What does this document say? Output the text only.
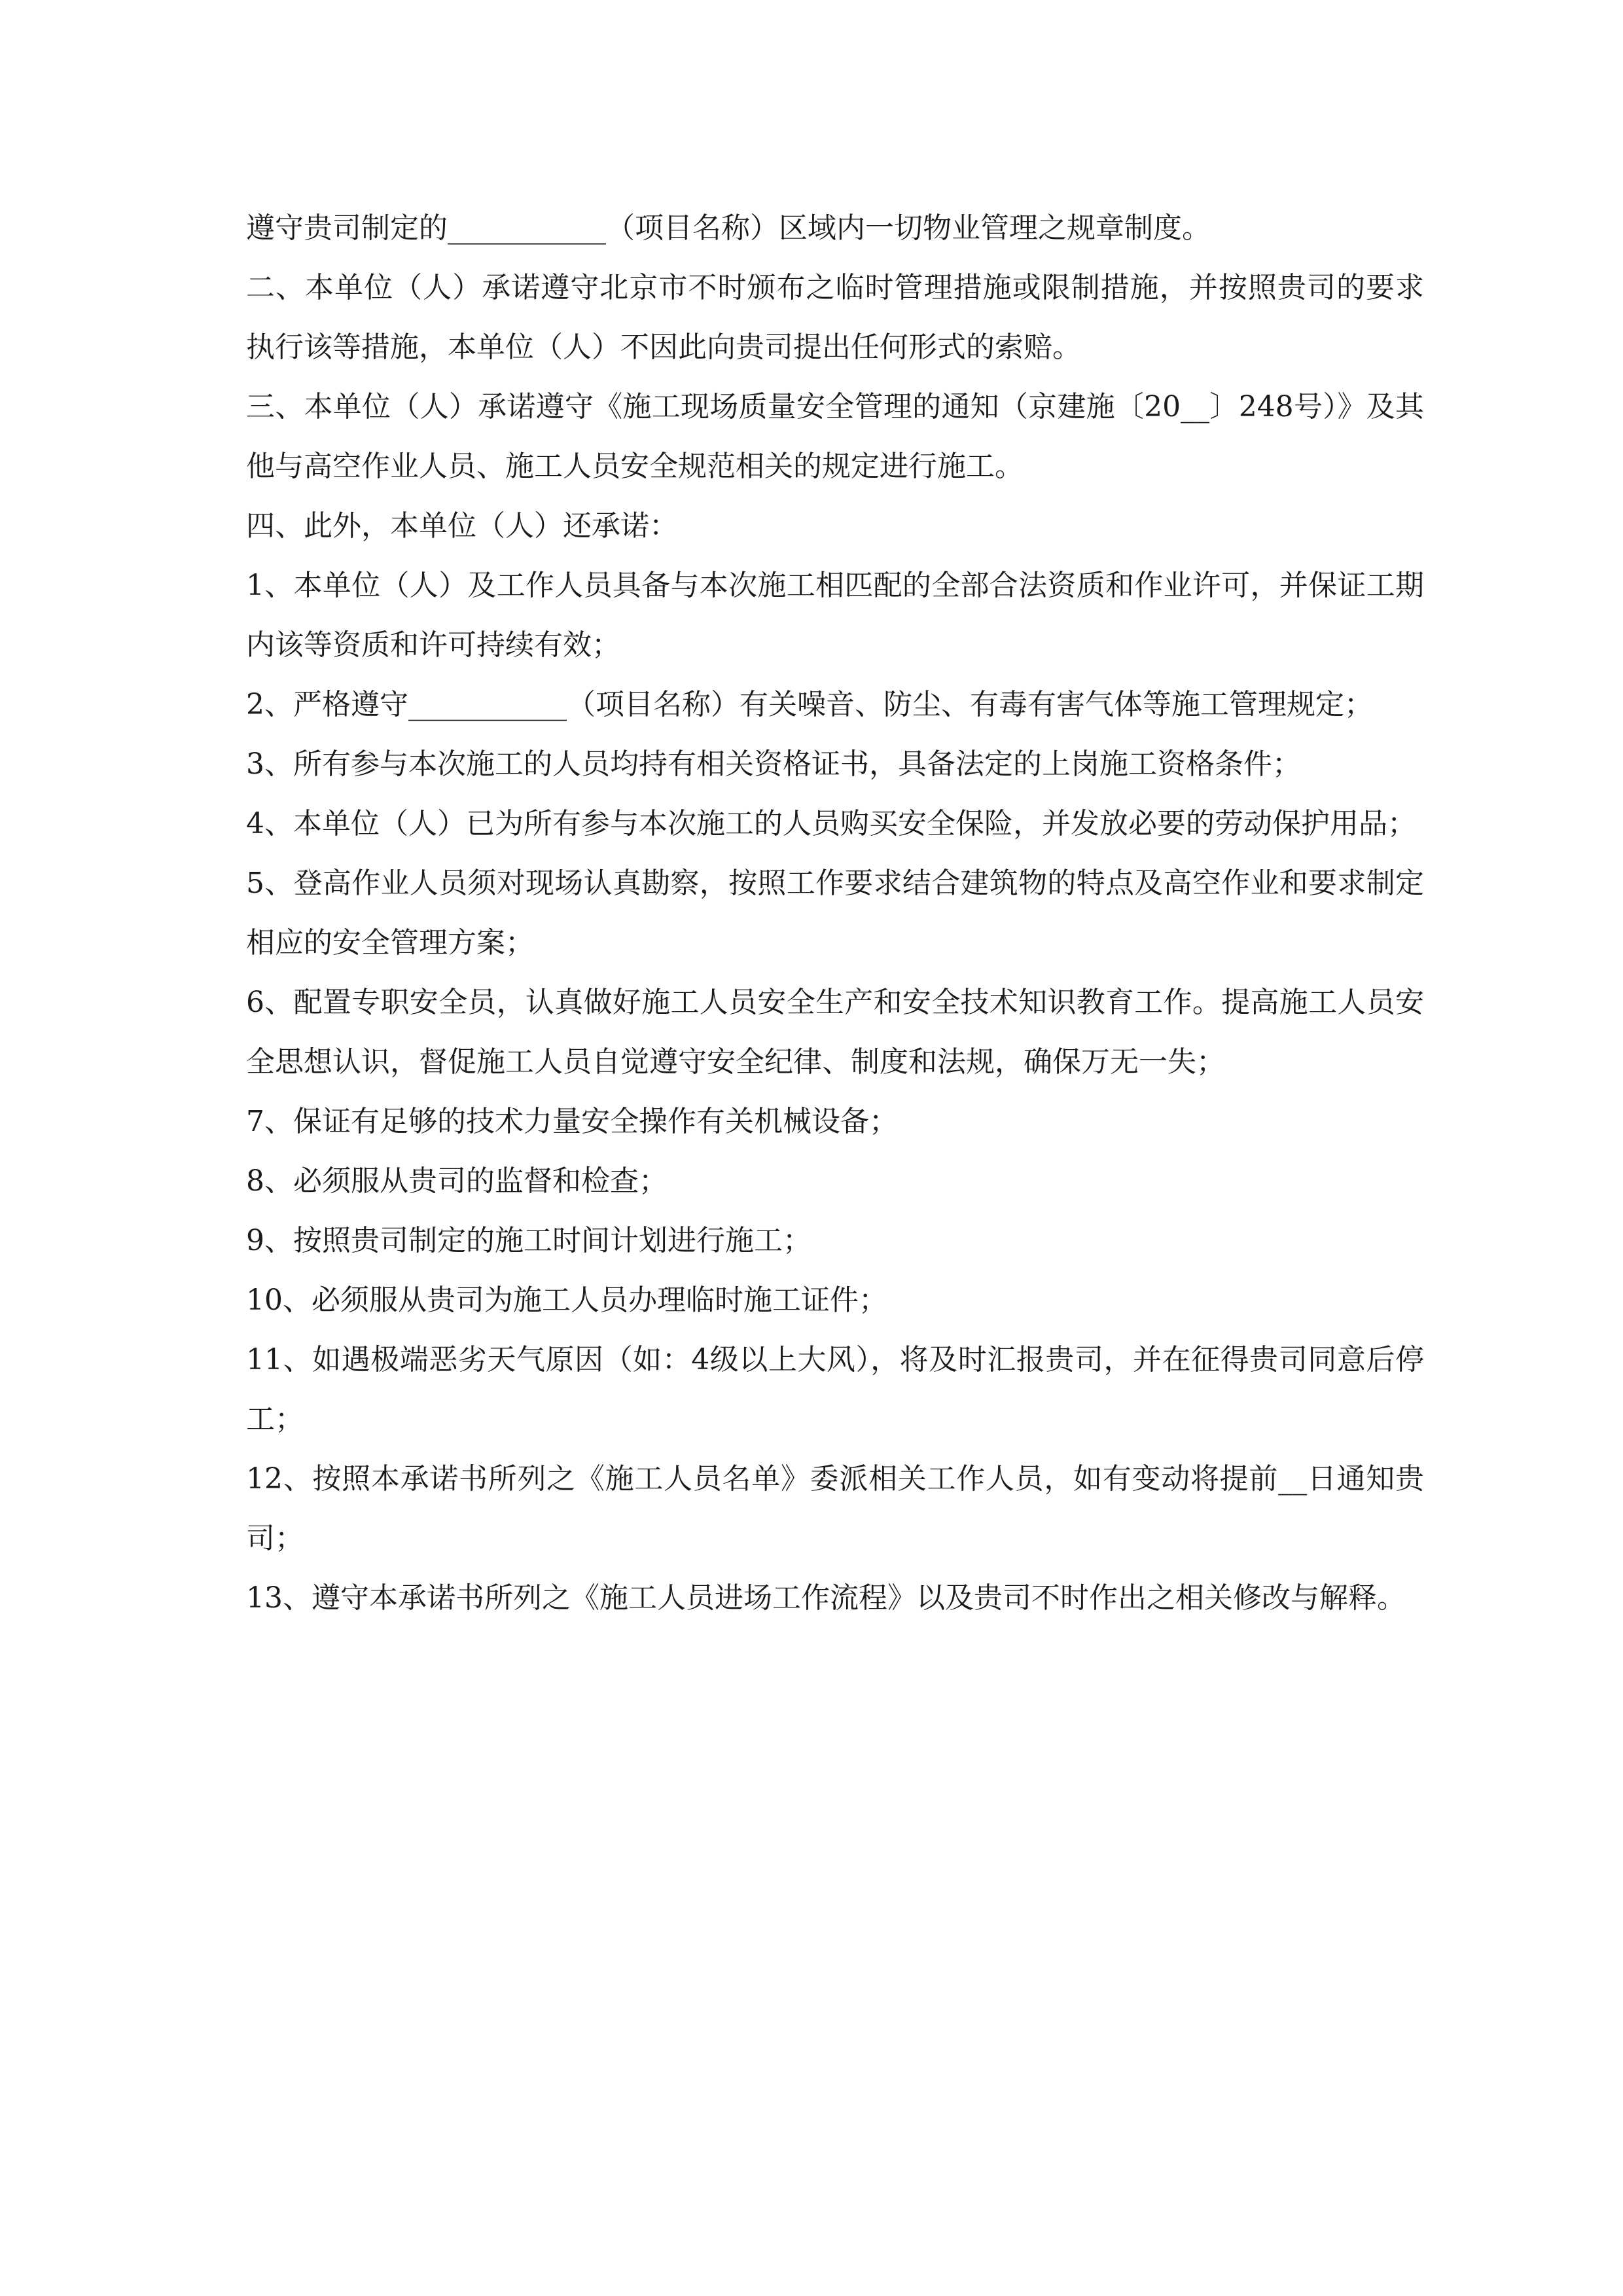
遵守贵司制定的___________（项目名称）区域内一切物业管理之规章制度。

二、本单位（人）承诺遵守北京市不时颁布之临时管理措施或限制措施，并按照贵司的要求执行该等措施，本单位（人）不因此向贵司提出任何形式的索赔。

三、本单位（人）承诺遵守《施工现场质量安全管理的通知（京建施〔20__〕248号）》及其他与高空作业人员、施工人员安全规范相关的规定进行施工。

四、此外，本单位（人）还承诺：

1、本单位（人）及工作人员具备与本次施工相匹配的全部合法资质和作业许可，并保证工期内该等资质和许可持续有效；

2、严格遵守___________（项目名称）有关噪音、防尘、有毒有害气体等施工管理规定；

3、所有参与本次施工的人员均持有相关资格证书，具备法定的上岗施工资格条件；

4、本单位（人）已为所有参与本次施工的人员购买安全保险，并发放必要的劳动保护用品；

5、登高作业人员须对现场认真勘察，按照工作要求结合建筑物的特点及高空作业和要求制定相应的安全管理方案；

6、配置专职安全员，认真做好施工人员安全生产和安全技术知识教育工作。提高施工人员安全思想认识，督促施工人员自觉遵守安全纪律、制度和法规，确保万无一失；

7、保证有足够的技术力量安全操作有关机械设备；

8、必须服从贵司的监督和检查；

9、按照贵司制定的施工时间计划进行施工；

10、必须服从贵司为施工人员办理临时施工证件；

11、如遇极端恶劣天气原因（如：4级以上大风），将及时汇报贵司，并在征得贵司同意后停工；

12、按照本承诺书所列之《施工人员名单》委派相关工作人员，如有变动将提前__日通知贵司；

13、遵守本承诺书所列之《施工人员进场工作流程》以及贵司不时作出之相关修改与解释。
